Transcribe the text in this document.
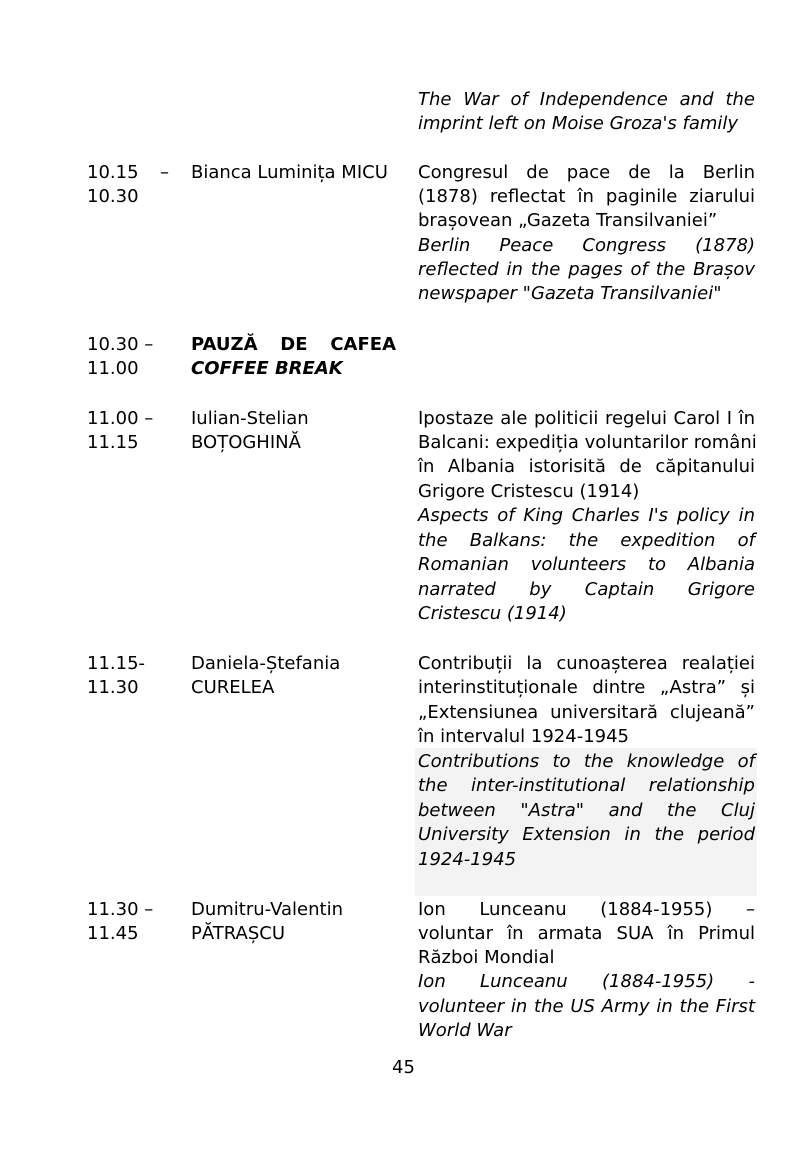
The War of Independence and the
imprint left on Moise Groza's family
10.15 –
10.30
Bianca Luminița MICU	Congresul de pace de la Berlin
(1878) reflectat în paginile ziarului
brașovean „Gazeta Transilvaniei”
Berlin Peace Congress (1878)
reflected in the pages of the Brașov
newspaper "Gazeta Transilvaniei"
10.30 –
11.00
PAUZĂ DE CAFEA
COFFEE BREAK
11.00 –
11.15
Iulian-Stelian
BOȚOGHINĂ
Ipostaze ale politicii regelui Carol I în
Balcani: expediția voluntarilor români
în Albania istorisită de căpitanului
Grigore Cristescu (1914)
Aspects of King Charles I's policy in
the Balkans: the expedition of
Romanian volunteers to Albania
narrated by Captain Grigore
Cristescu (1914)
11.15-
11.30
Daniela-Ștefania
CURELEA
Contribuții la cunoașterea realației
interinstituționale dintre „Astra” și
„Extensiunea universitară clujeană”
în intervalul 1924-1945
Contributions to the knowledge of
the inter-institutional relationship
between "Astra" and the Cluj
University Extension in the period
1924-1945
11.30 –
11.45
Dumitru-Valentin
PĂTRAȘCU
Ion Lunceanu (1884-1955) –
voluntar în armata SUA în Primul
Război Mondial
Ion Lunceanu (1884-1955) -
volunteer in the US Army in the First
World War
45
